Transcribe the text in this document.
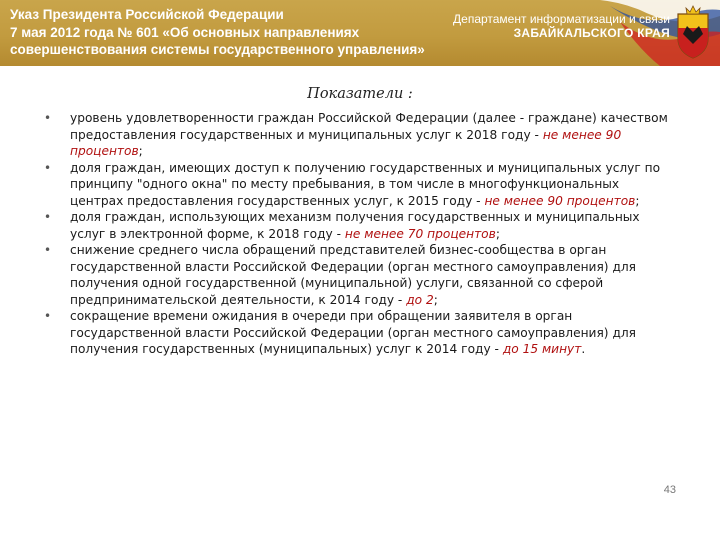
Указ Президента Российской Федерации
7 мая 2012 года № 601 «Об основных направлениях
совершенствования системы государственного управления»
Департамент информатизации и связи
ЗАБАЙКАЛЬСКОГО КРАЯ
Показатели :
• уровень удовлетворенности граждан Российской Федерации (далее - граждане) качеством предоставления государственных и муниципальных услуг к 2018 году - не менее 90 процентов;
• доля граждан, имеющих доступ к получению государственных и муниципальных услуг по принципу "одного окна" по месту пребывания, в том числе в многофункциональных центрах предоставления государственных услуг, к 2015 году - не менее 90 процентов;
• доля граждан, использующих механизм получения государственных и муниципальных услуг в электронной форме, к 2018 году - не менее 70 процентов;
• снижение среднего числа обращений представителей бизнес-сообщества в орган государственной власти Российской Федерации (орган местного самоуправления) для получения одной государственной (муниципальной) услуги, связанной со сферой предпринимательской деятельности, к 2014 году - до 2;
• сокращение времени ожидания в очереди при обращении заявителя в орган государственной власти Российской Федерации (орган местного самоуправления) для получения государственных (муниципальных) услуг к 2014 году - до 15 минут.
43
